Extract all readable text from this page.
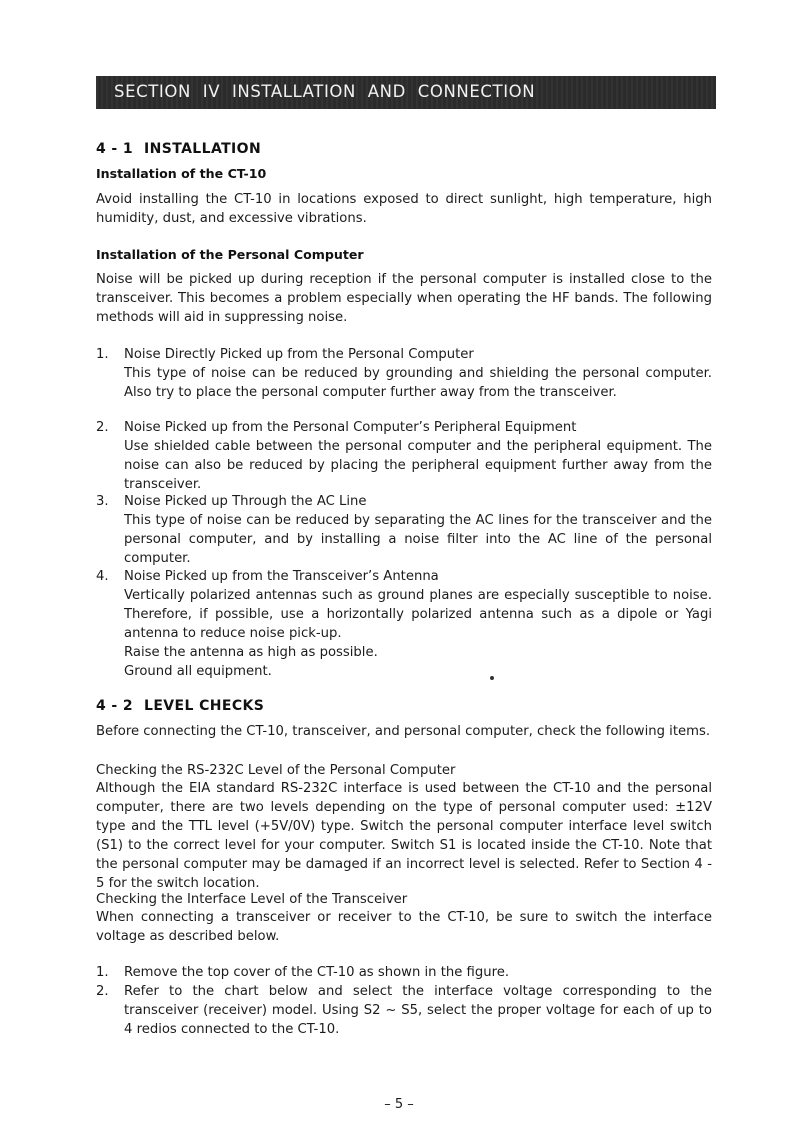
SECTION IV INSTALLATION AND CONNECTION
4 - 1 INSTALLATION
Installation of the CT-10

Avoid installing the CT-10 in locations exposed to direct sunlight, high temperature, high humidity, dust, and excessive vibrations.

Installation of the Personal Computer

Noise will be picked up during reception if the personal computer is installed close to the transceiver. This becomes a problem especially when operating the HF bands. The following methods will aid in suppressing noise.

1. Noise Directly Picked up from the Personal Computer
This type of noise can be reduced by grounding and shielding the personal computer. Also try to place the personal computer further away from the transceiver.
2. Noise Picked up from the Personal Computer’s Peripheral Equipment
Use shielded cable between the personal computer and the peripheral equipment. The noise can also be reduced by placing the peripheral equipment further away from the transceiver.
3. Noise Picked up Through the AC Line
This type of noise can be reduced by separating the AC lines for the transceiver and the personal computer, and by installing a noise filter into the AC line of the personal computer.
4. Noise Picked up from the Transceiver’s Antenna
Vertically polarized antennas such as ground planes are especially susceptible to noise. Therefore, if possible, use a horizontally polarized antenna such as a dipole or Yagi antenna to reduce noise pick-up.
Raise the antenna as high as possible.
Ground all equipment.
4 - 2 LEVEL CHECKS
Before connecting the CT-10, transceiver, and personal computer, check the following items.
Checking the RS-232C Level of the Personal Computer

Although the EIA standard RS-232C interface is used between the CT-10 and the personal computer, there are two levels depending on the type of personal computer used: ±12V type and the TTL level (+5V/0V) type. Switch the personal computer interface level switch (S1) to the correct level for your computer. Switch S1 is located inside the CT-10. Note that the personal computer may be damaged if an incorrect level is selected. Refer to Section 4 - 5 for the switch location.

Checking the Interface Level of the Transceiver

When connecting a transceiver or receiver to the CT-10, be sure to switch the interface voltage as described below.

1. Remove the top cover of the CT-10 as shown in the figure.
2. Refer to the chart below and select the interface voltage corresponding to the transceiver (receiver) model. Using S2 ~ S5, select the proper voltage for each of up to 4 redios connected to the CT-10.
– 5 –
